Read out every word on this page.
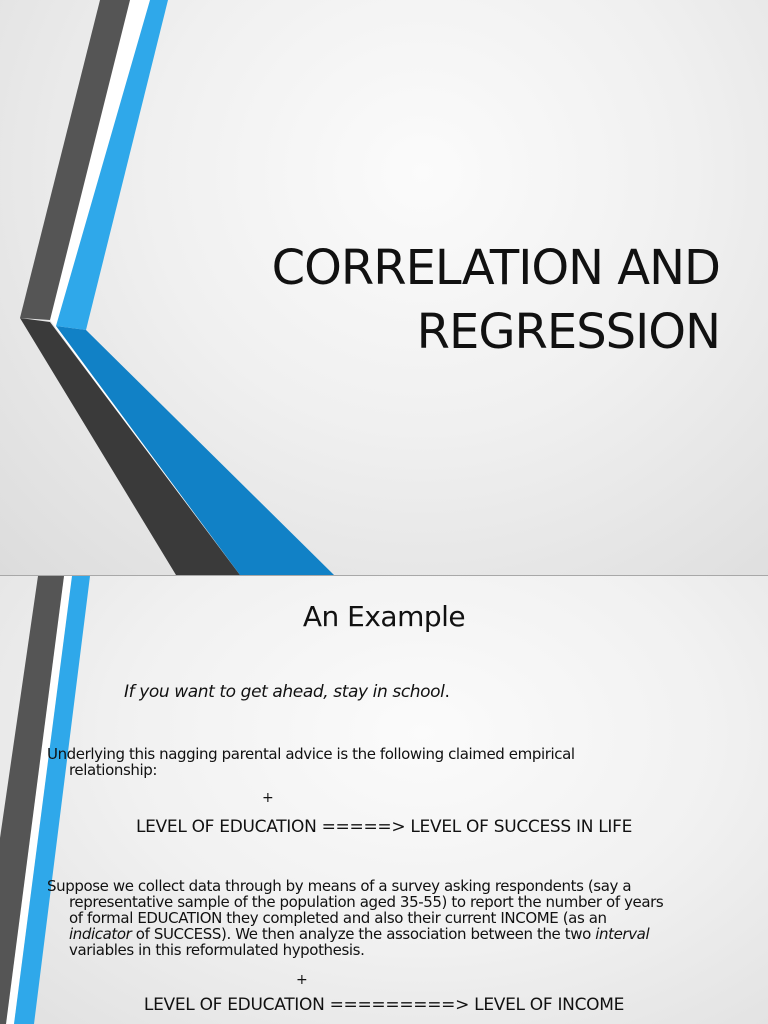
CORRELATION AND
REGRESSION
An Example
If you want to get ahead, stay in school.
Underlying this nagging parental advice is the following claimed empirical
relationship:
+
LEVEL OF EDUCATION =====> LEVEL OF SUCCESS IN LIFE
Suppose we collect data through by means of a survey asking respondents (say a
representative sample of the population aged 35-55) to report the number of years
of formal EDUCATION they completed and also their current INCOME (as an
indicator of SUCCESS). We then analyze the association between the two interval
variables in this reformulated hypothesis.
+
LEVEL OF EDUCATION =========> LEVEL OF INCOME
